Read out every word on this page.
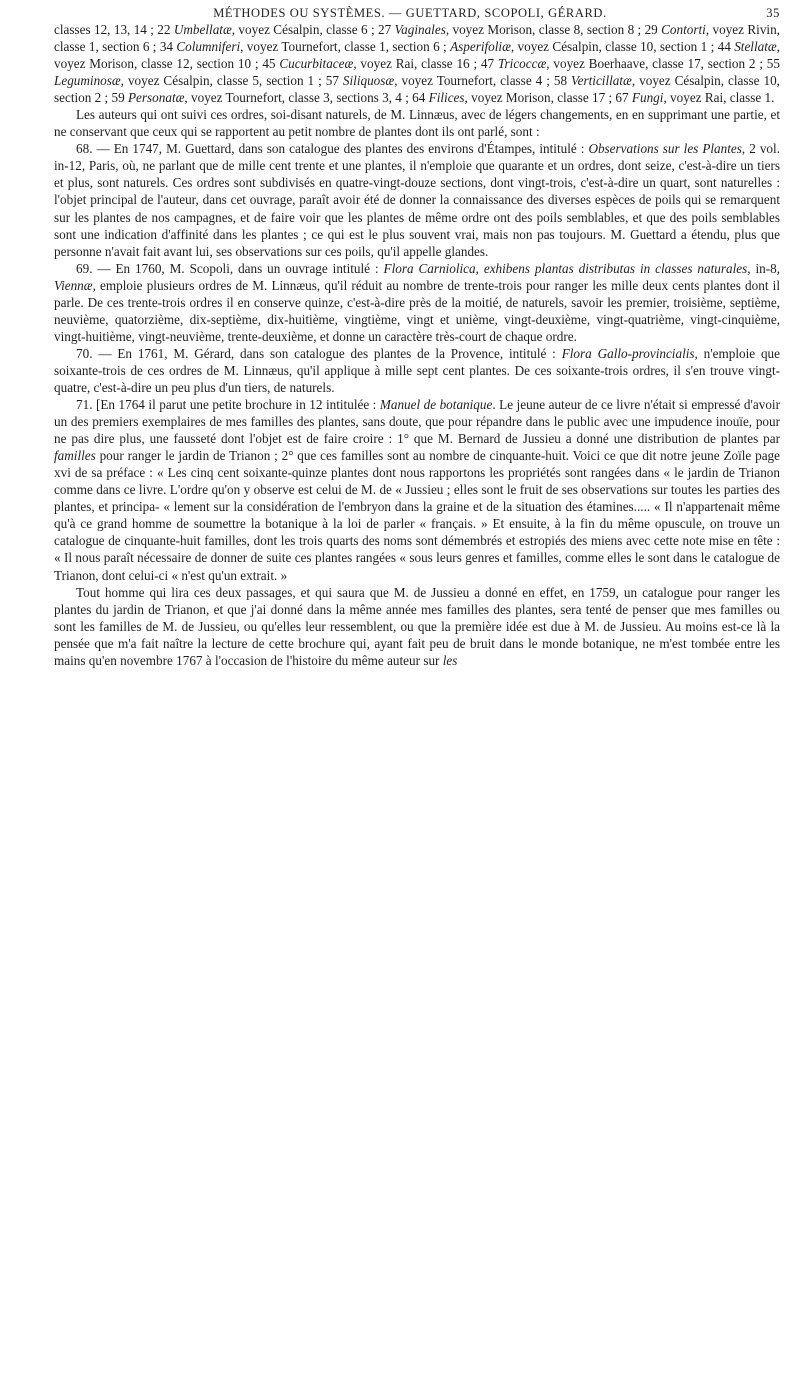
MÉTHODES OU SYSTÈMES. — GUETTARD, SCOPOLI, GÉRARD.	35

classes 12, 13, 14 ; 22 Umbellatæ, voyez Césalpin, classe 6 ; 27 Vaginales, voyez Morison, classe 8, section 8 ; 29 Contorti, voyez Rivin, classe 1, section 6 ; 34 Columniferi, voyez Tournefort, classe 1, section 6 ; Asperifoliæ, voyez Césalpin, classe 10, section 1 ; 44 Stellatæ, voyez Morison, classe 12, section 10 ; 45 Cucurbitaceæ, voyez Rai, classe 16 ; 47 Tricoccæ, voyez Boerhaave, classe 17, section 2 ; 55 Leguminosæ, voyez Césalpin, classe 5, section 1 ; 57 Siliquosæ, voyez Tournefort, classe 4 ; 58 Verticillatæ, voyez Césalpin, classe 10, section 2 ; 59 Personatæ, voyez Tournefort, classe 3, sections 3, 4 ; 64 Filices, voyez Morison, classe 17 ; 67 Fungi, voyez Rai, classe 1.

Les auteurs qui ont suivi ces ordres, soi-disant naturels, de M. Linnæus, avec de légers changements, en en supprimant une partie, et ne conservant que ceux qui se rapportent au petit nombre de plantes dont ils ont parlé, sont :

68. — En 1747, M. Guettard, dans son catalogue des plantes des environs d'Étampes, intitulé : Observations sur les Plantes, 2 vol. in-12, Paris, où, ne parlant que de mille cent trente et une plantes, il n'emploie que quarante et un ordres, dont seize, c'est-à-dire un tiers et plus, sont naturels. Ces ordres sont subdivisés en quatre-vingt-douze sections, dont vingt-trois, c'est-à-dire un quart, sont naturelles : l'objet principal de l'auteur, dans cet ouvrage, paraît avoir été de donner la connaissance des diverses espèces de poils qui se remarquent sur les plantes de nos campagnes, et de faire voir que les plantes de même ordre ont des poils semblables, et que des poils semblables sont une indication d'affinité dans les plantes ; ce qui est le plus souvent vrai, mais non pas toujours. M. Guettard a étendu, plus que personne n'avait fait avant lui, ses observations sur ces poils, qu'il appelle glandes.

69. — En 1760, M. Scopoli, dans un ouvrage intitulé : Flora Carniolica, exhibens plantas distributas in classes naturales, in-8, Viennæ, emploie plusieurs ordres de M. Linnæus, qu'il réduit au nombre de trente-trois pour ranger les mille deux cents plantes dont il parle. De ces trente-trois ordres il en conserve quinze, c'est-à-dire près de la moitié, de naturels, savoir les premier, troisième, septième, neuvième, quatorzième, dix-septième, dix-huitième, vingtième, vingt et unième, vingt-deuxième, vingt-quatrième, vingt-cinquième, vingt-huitième, vingt-neuvième, trente-deuxième, et donne un caractère très-court de chaque ordre.

70. — En 1761, M. Gérard, dans son catalogue des plantes de la Provence, intitulé : Flora Gallo-provincialis, n'emploie que soixante-trois de ces ordres de M. Linnæus, qu'il applique à mille sept cent plantes. De ces soixante-trois ordres, il s'en trouve vingt-quatre, c'est-à-dire un peu plus d'un tiers, de naturels.

71. [En 1764 il parut une petite brochure in 12 intitulée : Manuel de botanique. Le jeune auteur de ce livre n'était si empressé d'avoir un des premiers exemplaires de mes familles des plantes, sans doute, que pour répandre dans le public avec une impudence inouïe, pour ne pas dire plus, une fausseté dont l'objet est de faire croire : 1° que M. Bernard de Jussieu a donné une distribution de plantes par familles pour ranger le jardin de Trianon ; 2° que ces familles sont au nombre de cinquante-huit. Voici ce que dit notre jeune Zoïle page xvi de sa préface : « Les cinq cent soixante-quinze plantes dont nous rapportons les propriétés sont rangées dans « le jardin de Trianon comme dans ce livre. L'ordre qu'on y observe est celui de M. de « Jussieu ; elles sont le fruit de ses observations sur toutes les parties des plantes, et principa- « lement sur la considération de l'embryon dans la graine et de la situation des étamines..... « Il n'appartenait même qu'à ce grand homme de soumettre la botanique à la loi de parler « français. » Et ensuite, à la fin du même opuscule, on trouve un catalogue de cinquante-huit familles, dont les trois quarts des noms sont démembrés et estropiés des miens avec cette note mise en tête : « Il nous paraît nécessaire de donner de suite ces plantes rangées « sous leurs genres et familles, comme elles le sont dans le catalogue de Trianon, dont celui-ci « n'est qu'un extrait. »

Tout homme qui lira ces deux passages, et qui saura que M. de Jussieu a donné en effet, en 1759, un catalogue pour ranger les plantes du jardin de Trianon, et que j'ai donné dans la même année mes familles des plantes, sera tenté de penser que mes familles ou sont les familles de M. de Jussieu, ou qu'elles leur ressemblent, ou que la première idée est due à M. de Jussieu. Au moins est-ce là la pensée que m'a fait naître la lecture de cette brochure qui, ayant fait peu de bruit dans le monde botanique, ne m'est tombée entre les mains qu'en novembre 1767 à l'occasion de l'histoire du même auteur sur les
